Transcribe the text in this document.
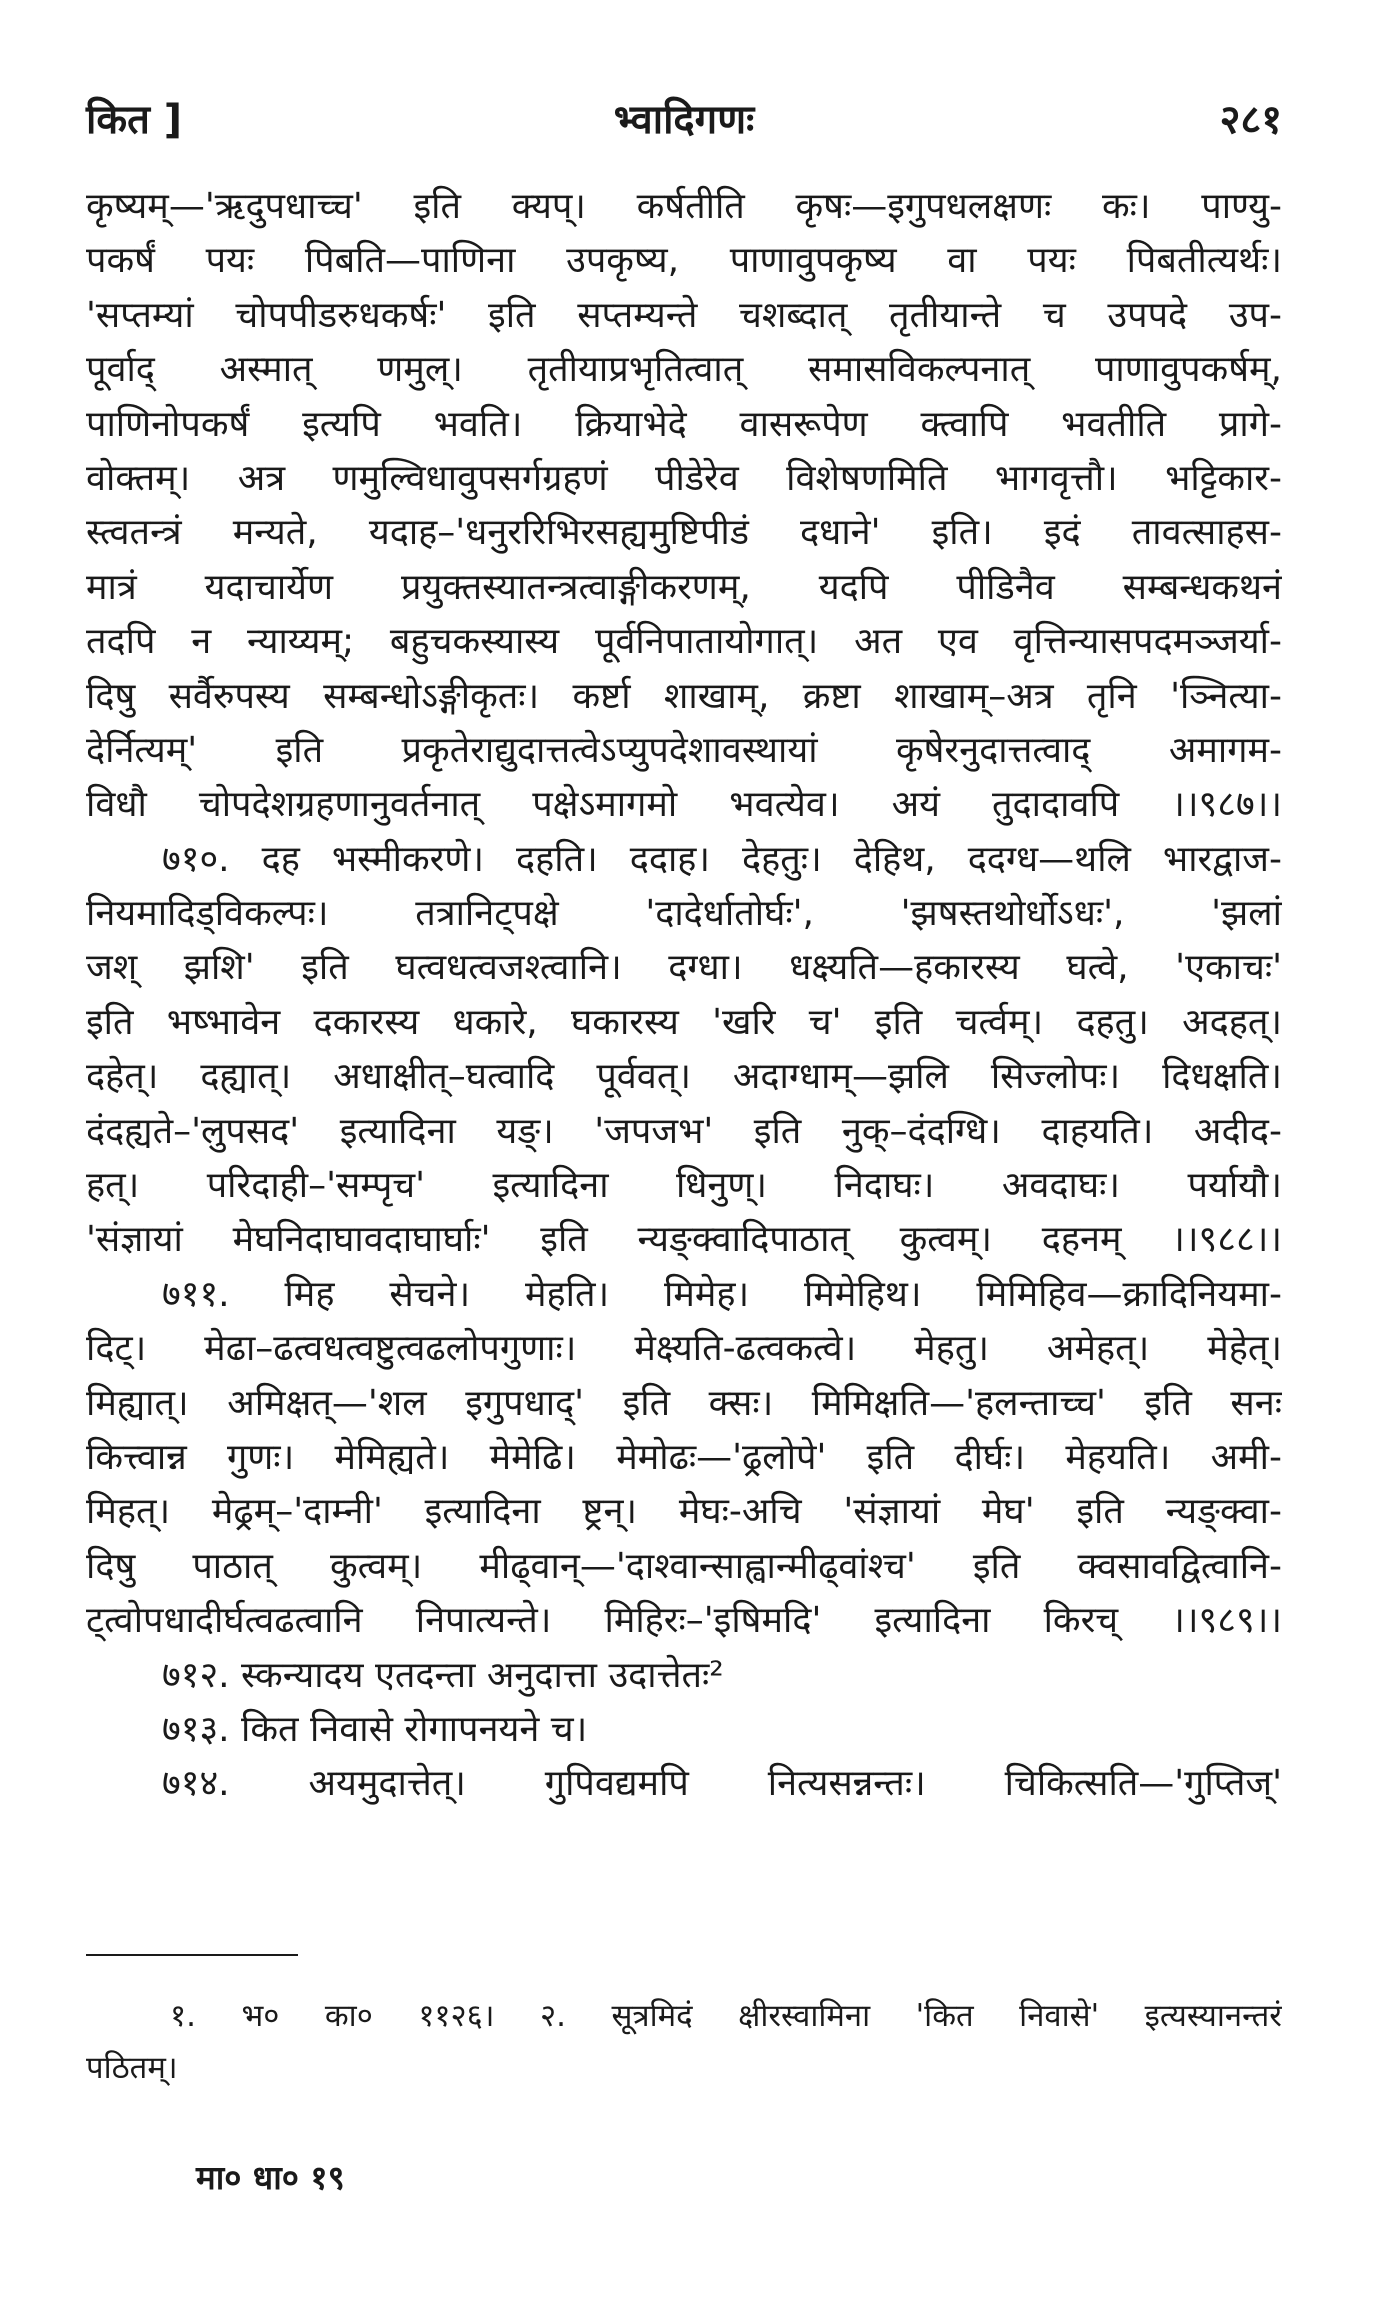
कित ]	भ्वादिगणः	२८१
कृष्यम्—'ऋदुपधाच्च' इति क्यप्। कर्षतीति कृषः—इगुपधलक्षणः कः। पाण्यु-
पकर्षं पयः पिबति—पाणिना उपकृष्य, पाणावुपकृष्य वा पयः पिबतीत्यर्थः।
'सप्तम्यां चोपपीडरुधकर्षः' इति सप्तम्यन्ते चशब्दात् तृतीयान्ते च उपपदे उप-
पूर्वाद् अस्मात् णमुल्। तृतीयाप्रभृतित्वात् समासविकल्पनात् पाणावुपकर्षम्,
पाणिनोपकर्षं इत्यपि भवति। क्रियाभेदे वासरूपेण क्त्वापि भवतीति प्रागे-
वोक्तम्। अत्र णमुल्विधावुपसर्गग्रहणं पीडेरेव विशेषणमिति भागवृत्तौ। भट्टिकार-
स्त्वतन्त्रं मन्यते, यदाह–'धनुररिभिरसह्यमुष्टिपीडं दधाने' इति। इदं तावत्साहस-
मात्रं यदाचार्येण प्रयुक्तस्यातन्त्रत्वाङ्गीकरणम्, यदपि पीडिनैव सम्बन्धकथनं
तदपि न न्याय्यम्; बहुचकस्यास्य पूर्वनिपातायोगात्। अत एव वृत्तिन्यासपदमञ्जर्या-
दिषु सर्वैरुपस्य सम्बन्धोऽङ्गीकृतः। कर्ष्टा शाखाम्, क्रष्टा शाखाम्–अत्र तृनि 'ञ्नित्या-
देर्नित्यम्' इति प्रकृतेराद्युदात्तत्वेऽप्युपदेशावस्थायां कृषेरनुदात्तत्वाद् अमागम-
विधौ चोपदेशग्रहणानुवर्तनात् पक्षेऽमागमो भवत्येव। अयं तुदादावपि ।।९८७।।
७१०. दह भस्मीकरणे। दहति। ददाह। देहतुः। देहिथ, ददग्ध—थलि भारद्वाज-
नियमादिड्विकल्पः। तत्रानिट्पक्षे 'दादेर्धातोर्घः', 'झषस्तथोर्धोऽधः', 'झलां
जश् झशि' इति घत्वधत्वजश्त्वानि। दग्धा। धक्ष्यति—हकारस्य घत्वे, 'एकाचः'
इति भष्भावेन दकारस्य धकारे, घकारस्य 'खरि च' इति चर्त्वम्। दहतु। अदहत्।
दहेत्। दह्यात्। अधाक्षीत्–घत्वादि पूर्ववत्। अदाग्धाम्—झलि सिज्लोपः। दिधक्षति।
दंदह्यते–'लुपसद' इत्यादिना यङ्। 'जपजभ' इति नुक्–दंदग्धि। दाहयति। अदीद-
हत्। परिदाही–'सम्पृच' इत्यादिना धिनुण्। निदाघः। अवदाघः। पर्यायौ।
'संज्ञायां मेघनिदाघावदाघार्घाः' इति न्यङ्क्वादिपाठात् कुत्वम्। दहनम् ।।९८८।।
७११. मिह सेचने। मेहति। मिमेह। मिमेहिथ। मिमिहिव—क्रादिनियमा-
दिट्। मेढा–ढत्वधत्वष्टुत्वढलोपगुणाः। मेक्ष्यति-ढत्वकत्वे। मेहतु। अमेहत्। मेहेत्।
मिह्यात्। अमिक्षत्—'शल इगुपधाद्' इति क्सः। मिमिक्षति—'हलन्ताच्च' इति सनः
कित्त्वान्न गुणः। मेमिह्यते। मेमेढि। मेमोढः—'ढ्रलोपे' इति दीर्घः। मेहयति। अमी-
मिहत्। मेढ्रम्–'दाम्नी' इत्यादिना ष्ट्रन्। मेघः-अचि 'संज्ञायां मेघ' इति न्यङ्क्वा-
दिषु पाठात् कुत्वम्। मीढ्वान्—'दाश्वान्साह्वान्मीढ्वांश्च' इति क्वसावद्वित्वानि-
ट्त्वोपधादीर्घत्वढत्वानि निपात्यन्ते। मिहिरः–'इषिमदि' इत्यादिना किरच् ।।९८९।।
७१२. स्कन्यादय एतदन्ता अनुदात्ता उदात्तेतः²
७१३. कित निवासे रोगापनयने च।
७१४. अयमुदात्तेत्। गुपिवद्यमपि नित्यसन्नन्तः। चिकित्सति—'गुप्तिज्'
१. भ० का० ११२६। २. सूत्रमिदं क्षीरस्वामिना 'कित निवासे' इत्यस्यानन्तरं
पठितम्।
मा० धा० १९
